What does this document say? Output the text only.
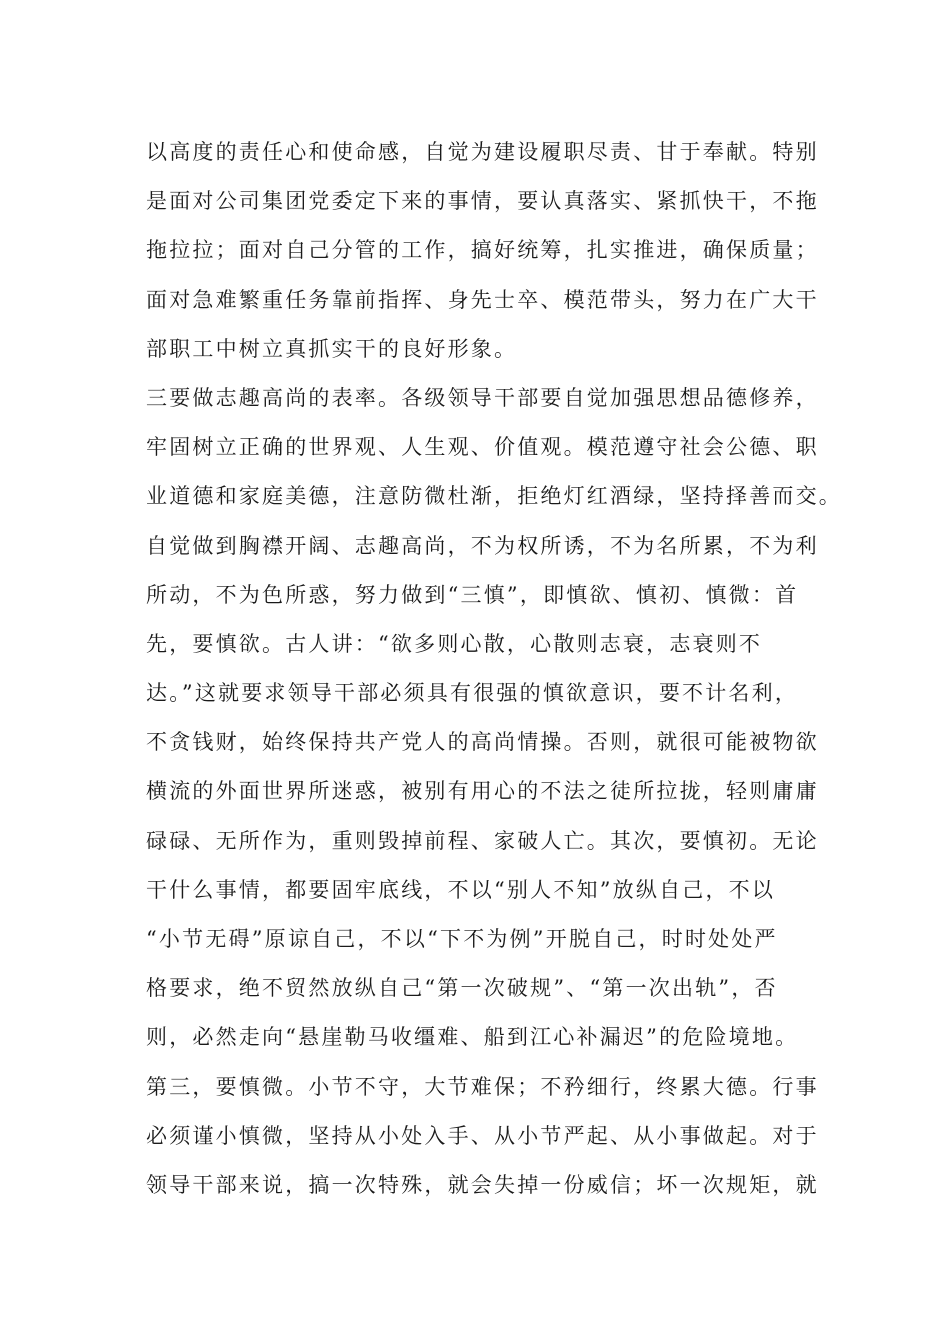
以高度的责任心和使命感，自觉为建设履职尽责、甘于奉献。特别
是面对公司集团党委定下来的事情，要认真落实、紧抓快干，不拖
拖拉拉；面对自己分管的工作，搞好统筹，扎实推进，确保质量；
面对急难繁重任务靠前指挥、身先士卒、模范带头，努力在广大干
部职工中树立真抓实干的良好形象。
三要做志趣高尚的表率。各级领导干部要自觉加强思想品德修养，
牢固树立正确的世界观、人生观、价值观。模范遵守社会公德、职
业道德和家庭美德，注意防微杜渐，拒绝灯红酒绿，坚持择善而交。
自觉做到胸襟开阔、志趣高尚，不为权所诱，不为名所累，不为利
所动，不为色所惑，努力做到“三慎”，即慎欲、慎初、慎微：首
先，要慎欲。古人讲：“欲多则心散，心散则志衰，志衰则不
达。”这就要求领导干部必须具有很强的慎欲意识，要不计名利，
不贪钱财，始终保持共产党人的高尚情操。否则，就很可能被物欲
横流的外面世界所迷惑，被别有用心的不法之徒所拉拢，轻则庸庸
碌碌、无所作为，重则毁掉前程、家破人亡。其次，要慎初。无论
干什么事情，都要固牢底线，不以“别人不知”放纵自己，不以
“小节无碍”原谅自己，不以“下不为例”开脱自己，时时处处严
格要求，绝不贸然放纵自己“第一次破规”、“第一次出轨”，否
则，必然走向“悬崖勒马收缰难、船到江心补漏迟”的危险境地。
第三，要慎微。小节不守，大节难保；不矜细行，终累大德。行事
必须谨小慎微，坚持从小处入手、从小节严起、从小事做起。对于
领导干部来说，搞一次特殊，就会失掉一份威信；坏一次规矩，就
